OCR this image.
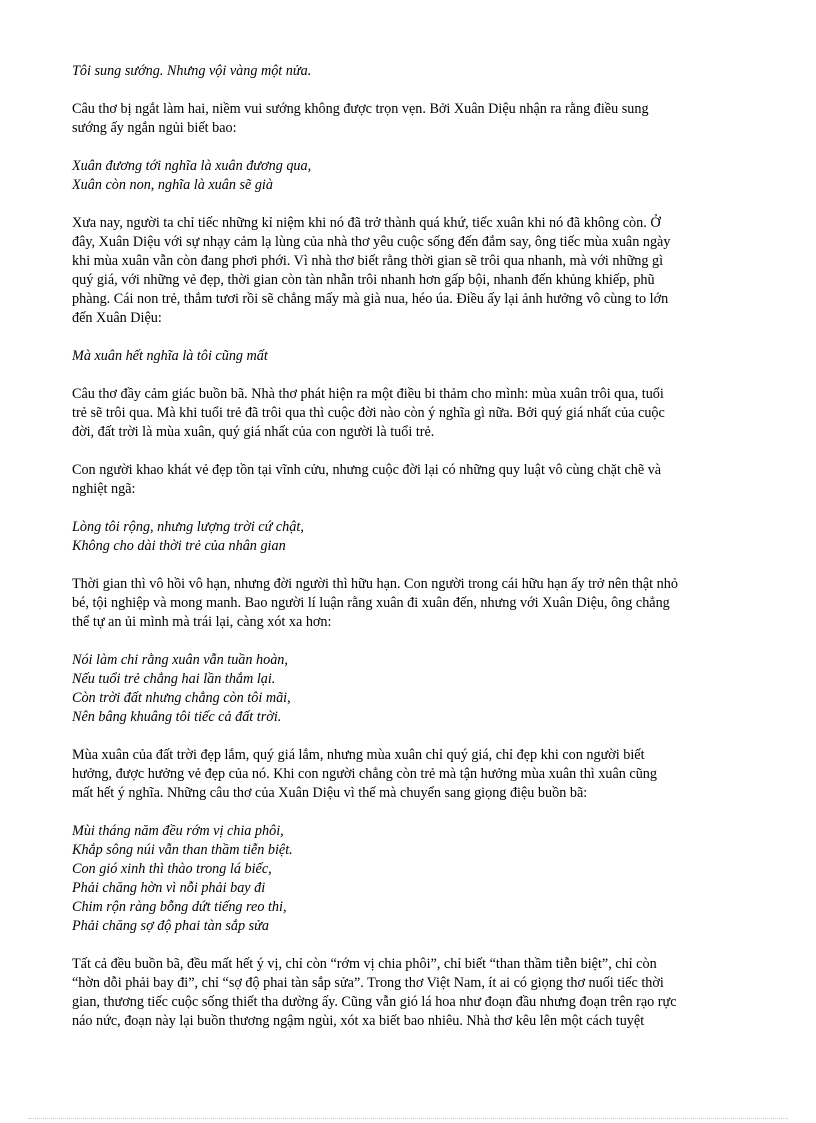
Tôi sung sướng. Nhưng vội vàng một nửa.
Câu thơ bị ngắt làm hai, niềm vui sướng không được trọn vẹn. Bởi Xuân Diệu nhận ra rằng điều sung
sướng ấy ngắn ngủi biết bao:
Xuân đương tới nghĩa là xuân đương qua,
Xuân còn non, nghĩa là xuân sẽ già
Xưa nay, người ta chỉ tiếc những kỉ niệm khi nó đã trở thành quá khứ, tiếc xuân khi nó đã không còn. Ở
đây, Xuân Diệu với sự nhạy cảm lạ lùng của nhà thơ yêu cuộc sống đến đắm say, ông tiếc mùa xuân ngày
khi mùa xuân vẫn còn đang phơi phới. Vì nhà thơ biết rằng thời gian sẽ trôi qua nhanh, mà với những gì
quý giá, với những vẻ đẹp, thời gian còn tàn nhẫn trôi nhanh hơn gấp bội, nhanh đến khủng khiếp, phũ
phàng. Cái non trẻ, thắm tươi rồi sẽ chẳng mấy mà già nua, héo úa. Điều ấy lại ảnh hưởng vô cùng to lớn
đến Xuân Diệu:
Mà xuân hết nghĩa là tôi cũng mất
Câu thơ đầy cảm giác buồn bã. Nhà thơ phát hiện ra một điều bi thảm cho mình: mùa xuân trôi qua, tuổi
trẻ sẽ trôi qua. Mà khi tuổi trẻ đã trôi qua thì cuộc đời nào còn ý nghĩa gì nữa. Bởi quý giá nhất của cuộc
đời, đất trời là mùa xuân, quý giá nhất của con người là tuổi trẻ.
Con người khao khát vẻ đẹp tồn tại vĩnh cửu, nhưng cuộc đời lại có những quy luật vô cùng chặt chẽ và
nghiệt ngã:
Lòng tôi rộng, nhưng lượng trời cứ chật,
Không cho dài thời trẻ của nhân gian
Thời gian thì vô hồi vô hạn, nhưng đời người thì hữu hạn. Con người trong cái hữu hạn ấy trở nên thật nhỏ
bé, tội nghiệp và mong manh. Bao người lí luận rằng xuân đi xuân đến, nhưng với Xuân Diệu, ông chẳng
thể tự an ủi mình mà trái lại, càng xót xa hơn:
Nói làm chi rằng xuân vẫn tuần hoàn,
Nếu tuổi trẻ chẳng hai lần thắm lại.
Còn trời đất nhưng chẳng còn tôi mãi,
Nên bâng khuâng tôi tiếc cả đất trời.
Mùa xuân của đất trời đẹp lắm, quý giá lắm, nhưng mùa xuân chỉ quý giá, chỉ đẹp khi con người biết
hưởng, được hưởng vẻ đẹp của nó. Khi con người chẳng còn trẻ mà tận hưởng mùa xuân thì xuân cũng
mất hết ý nghĩa. Những câu thơ của Xuân Diệu vì thế mà chuyển sang giọng điệu buồn bã:
Mùi tháng năm đều rớm vị chia phôi,
Khắp sông núi vẫn than thầm tiễn biệt.
Con gió xinh thì thào trong lá biếc,
Phải chăng hờn vì nỗi phải bay đi
Chim rộn ràng bỗng dứt tiếng reo thi,
Phải chăng sợ độ phai tàn sắp sửa
Tất cả đều buồn bã, đều mất hết ý vị, chỉ còn “rớm vị chia phôi”, chỉ biết “than thầm tiễn biệt”, chỉ còn
“hờn dỗi phải bay đi”, chỉ “sợ độ phai tàn sắp sửa”. Trong thơ Việt Nam, ít ai có giọng thơ nuối tiếc thời
gian, thương tiếc cuộc sống thiết tha dường ấy. Cũng vẫn gió lá hoa như đoạn đầu nhưng đoạn trên rạo rực
náo nức, đoạn này lại buồn thương ngậm ngùi, xót xa biết bao nhiêu. Nhà thơ kêu lên một cách tuyệt
